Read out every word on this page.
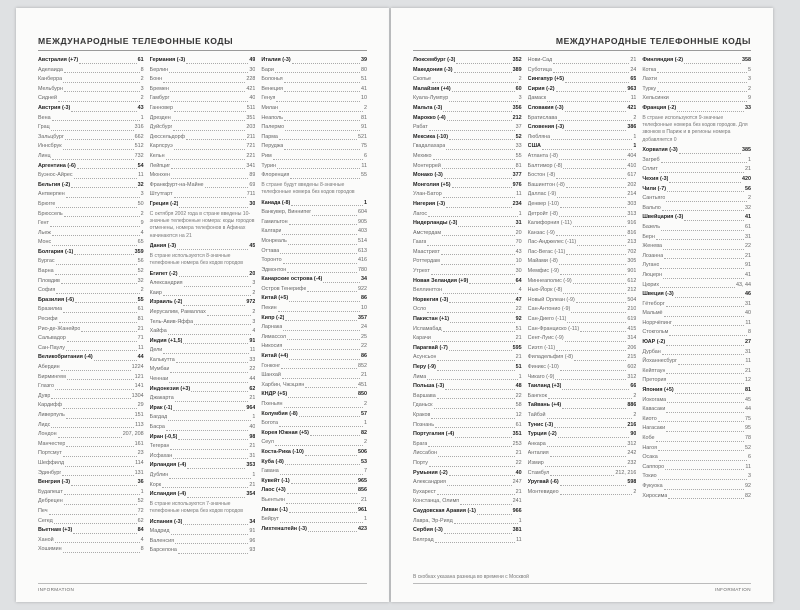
МЕЖДУНАРОДНЫЕ ТЕЛЕФОННЫЕ КОДЫ
Австралия (+7)	61
Аделаида	8
Канберра	2
Мельбурн	3
Сидней	2
Австрия (-3)	43
Вена	1
Грац	316
Зальцбург	662
Иннсбрук	512
Линц	732
Аргентина (-6)	54
Буэнос-Айрес	11
Бельгия (-2)	32
Антверпен	3
Брюгге	50
Брюссель	2
Гент	9
Льеж	4
Монс	65
Болгария (-1)	359
Бургас	56
Варна	52
Пловдив	32
София	2
Бразилия (-6)	55
Бразилиа	61
Ресифи	81
Рио-де-Жанейро	21
Сальвадор	71
Сан-Паулу	11
Великобритания (-4)	44
Абердин	1224
Бирмингем	121
Глазго	141
Дувр	1304
Кардифф	29
Ливерпуль	151
Лидс	113
Лондон	207, 208
Манчестер	161
Портсмут	23
Шеффилд	114
Эдинбург	131
Венгрия (-3)	36
Будапешт	1
Дебрецен	52
Печ	72
Сегед	62
Вьетнам (+3)	84
Ханой	4
Хошимин	8
Германия (-3)	49
Берлин	30
Бонн	228
Бремен	421
Гамбург	40
Ганновер	511
Дрезден	351
Дуйсбург	203
Дюссельдорф	211
Карлсруэ	721
Кельн	221
Лейпциг	341
Мюнхен	89
Франкфурт-на-Майне	69
Штутгарт	711
Греция (-2)	30
С октября 2002 года в стране введены 10-значные телефонные номера: коды городов отменены, номера телефонов в Афинах начинаются на 21
Дания (-3)	45
В стране используются 8-значные телефонные номера без кодов городов
Египет (-2)	20
Александрия	3
Каир	2
Израиль (-2)	972
Иерусалим, Рамаллах	2
Тель-Авив-Яффа	3
Хайфа	4
Индия (+1,5)	91
Дели	11
Калькутта	33
Мумбаи	22
Ченнаи	44
Индонезия (+3)	62
Джакарта	21
Ирак (-1)	964
Багдад	1
Басра	40
Иран (-0,5)	98
Тегеран	21
Исфахан	31
Ирландия (-4)	353
Дублин	1
Корк	21
Исландия (-4)	354
В стране используются 7-значные телефонные номера без кодов городов
Испания (-3)	34
Мадрид	91
Валенсия	96
Барселона	93
Италия (-3)	39
Бари	80
Болонья	51
Венеция	41
Генуя	10
Милан	2
Неаполь	81
Палермо	91
Парма	521
Перуджа	75
Рим	6
Турин	11
Флоренция	55
В стране будут введены 8-значные телефонные номера без кодов городов
Канада (-8)	1
Ванкувер, Виннипег	604
Гамильтон	905
Калгари	403
Монреаль	514
Оттава	613
Торонто	416
Эдмонтон	780
Канарские острова (-4)	34
Остров Тенерифе	922
Китай (+5)	86
Пекин	10
Кипр (-2)	357
Ларнака	24
Лимассол	25
Никосия	22
Китай (+4)	86
Гонконг	852
Шанхай	21
Харбин, Чжэцзян	451
КНДР (+5)	850
Пхеньян	2
Колумбия (-8)	57
Богота	1
Корея Южная (+5)	82
Сеул	2
Коста-Рика (-10)	506
Куба (-8)	53
Гавана	7
Кувейт (-1)	965
Лаос (+3)	856
Вьентьян	21
Ливан (-1)	961
Бейрут	1
Лихтенштейн (-3)	423
INFORMATION
МЕЖДУНАРОДНЫЕ ТЕЛЕФОННЫЕ КОДЫ
Люксембург (-3)	352
Македония (-3)	389
Скопье	2
Малайзия (+4)	60
Куала-Лумпур	3
Мальта (-3)	356
Марокко (-4)	212
Рабат	37
Мексика (-10)	52
Гвадалахара	33
Мехико	55
Монтеррей	81
Монако (-3)	377
Монголия (+5)	976
Улан-Батор	11
Нигерия (-3)	234
Лагос	1
Нидерланды (-3)	31
Амстердам	20
Гаага	70
Маастрихт	43
Роттердам	10
Утрехт	30
Новая Зеландия (+9)	64
Веллингтон	4
Норвегия (-3)	47
Осло	22
Пакистан (+1)	92
Исламабад	51
Карачи	21
Парагвай (-7)	595
Асунсьон	21
Перу (-9)	51
Лима	1
Польша (-3)	48
Варшава	22
Гданьск	58
Краков	12
Познань	61
Португалия (-4)	351
Брага	253
Лиссабон	21
Порту	22
Румыния (-2)	40
Александрия	247
Бухарест	21
Констанца, Олимп	241
Саудовская Аравия (-1)	966
Лавра, Эр-Рияд	1
Сербия (-3)	381
Белград	11
Нови-Сад	21
Суботица	24
Сингапур (+5)	65
Сирия (-2)	963
Дамаск	11
Словакия (-3)	421
Братислава	2
Словения (-3)	386
Любляна	1
США	1
Атланта (-8)	404
Балтимор (-8)	410
Бостон (-8)	617
Вашингтон (-8)	202
Даллас (-9)	214
Денвер (-10)	303
Детройт (-8)	313
Калифорния (-11)	916
Канзас (-9)	816
Лас-Анджелес (-11)	213
Лас-Вегас (-11)	702
Майами (-8)	305
Мемфис (-9)	901
Миннеаполис (-9)	612
Нью-Йорк (-8)	212
Новый Орлеан (-9)	504
Сан-Антонио (-9)	210
Сан-Диего (-11)	619
Сан-Франциско (-11)	415
Сент-Луис (-9)	314
Сиэтл (-11)	206
Филадельфия (-8)	215
Финикс (-10)	602
Чикаго (-9)	312
Таиланд (+3)	66
Бангкок	2
Тайвань (+4)	886
Тайбэй	2
Тунис (-3)	216
Турция (-2)	90
Анкара	312
Анталия	242
Измир	232
Стамбул	212, 216
Уругвай (-6)	598
Монтевидео	2
Финляндия (-2)	358
Котка	5
Лахти	3
Турку	2
Хельсинки	9
Франция (-2)	33
В стране используются 9-значные телефонные номера без кодов городов. Для звонков в Париж и в регионы номера добавляется 0
Хорватия (-3)	385
Загреб	1
Сплит	21
Чехия (-3)	420
Чили (-7)	56
Сантьяго	2
Вальпо	32
Швейцария (-3)	41
Базель	61
Берн	31
Женева	22
Лозанна	21
Лугано	91
Люцерн	41
Цюрих	43, 44
Швеция (-3)	46
Гётеборг	31
Мальмё	40
Норрчёпинг	11
Стокгольм	8
ЮАР (-2)	27
Дурбан	31
Йоханнесбург	11
Кейптаун	21
Претория	12
Япония (+5)	81
Иокогама	45
Кавасаки	44
Киото	75
Нагасаки	95
Кобе	78
Нагоя	52
Осака	6
Саппоро	11
Токио	3
Фукуока	92
Хиросима	82
В скобках указана разница во времени с Москвой
INFORMATION
